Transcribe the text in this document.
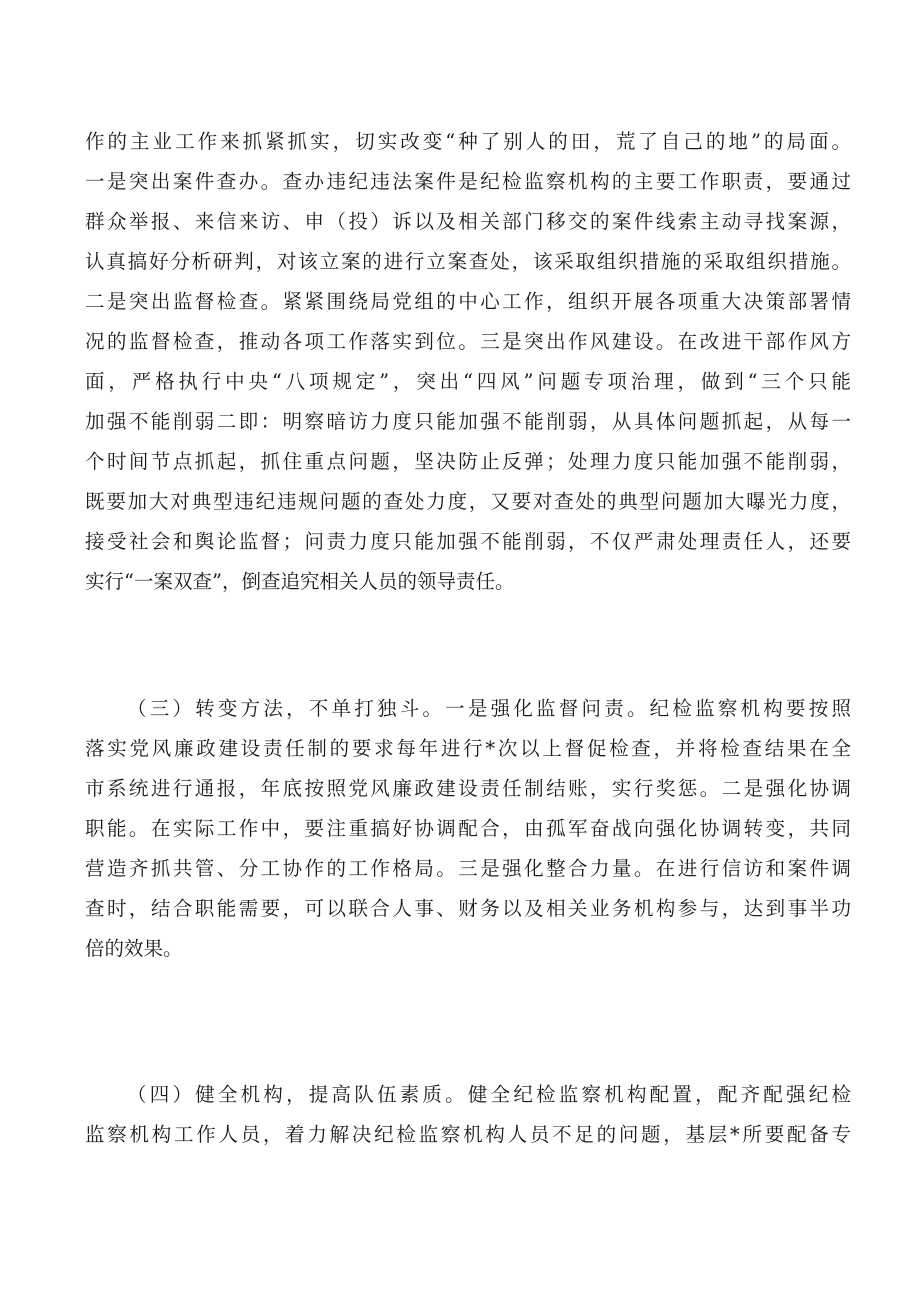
作的主业工作来抓紧抓实，切实改变“种了别人的田，荒了自己的地”的局面。
一是突出案件查办。查办违纪违法案件是纪检监察机构的主要工作职责，要通过
群众举报、来信来访、申（投）诉以及相关部门移交的案件线索主动寻找案源，
认真搞好分析研判，对该立案的进行立案查处，该采取组织措施的采取组织措施。
二是突出监督检查。紧紧围绕局党组的中心工作，组织开展各项重大决策部署情
况的监督检查，推动各项工作落实到位。三是突出作风建设。在改进干部作风方
面，严格执行中央“八项规定”，突出“四风”问题专项治理，做到“三个只能
加强不能削弱二即：明察暗访力度只能加强不能削弱，从具体问题抓起，从每一
个时间节点抓起，抓住重点问题，坚决防止反弹；处理力度只能加强不能削弱，
既要加大对典型违纪违规问题的查处力度，又要对查处的典型问题加大曝光力度，
接受社会和舆论监督；问责力度只能加强不能削弱，不仅严肃处理责任人，还要
实行“一案双查”，倒查追究相关人员的领导责任。
（三）转变方法，不单打独斗。一是强化监督问责。纪检监察机构要按照
落实党风廉政建设责任制的要求每年进行*次以上督促检查，并将检查结果在全
市系统进行通报，年底按照党风廉政建设责任制结账，实行奖惩。二是强化协调
职能。在实际工作中，要注重搞好协调配合，由孤军奋战向强化协调转变，共同
营造齐抓共管、分工协作的工作格局。三是强化整合力量。在进行信访和案件调
查时，结合职能需要，可以联合人事、财务以及相关业务机构参与，达到事半功
倍的效果。
（四）健全机构，提高队伍素质。健全纪检监察机构配置，配齐配强纪检
监察机构工作人员，着力解决纪检监察机构人员不足的问题，基层*所要配备专
